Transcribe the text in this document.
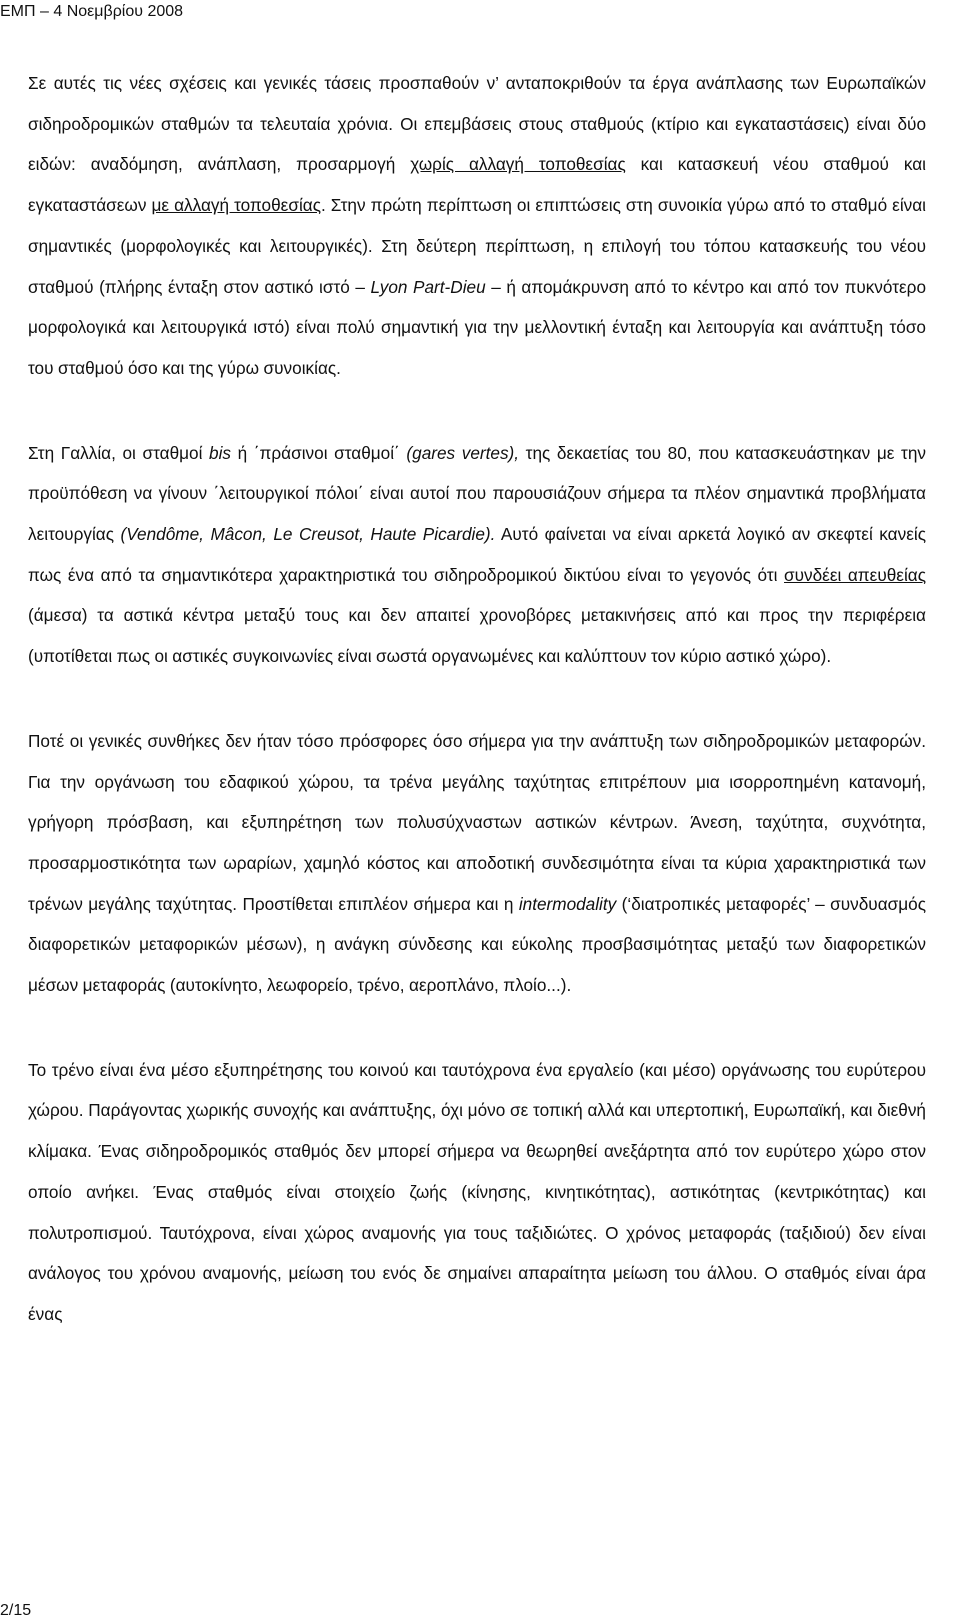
ΕΜΠ – 4 Νοεμβρίου 2008

Σε αυτές τις νέες σχέσεις και γενικές τάσεις προσπαθούν ν’ ανταποκριθούν τα έργα ανάπλασης των Ευρωπαϊκών σιδηροδρομικών σταθμών τα τελευταία χρόνια. Οι επεμβάσεις στους σταθμούς (κτίριο και εγκαταστάσεις) είναι δύο ειδών: αναδόμηση, ανάπλαση, προσαρμογή χωρίς αλλαγή τοποθεσίας και κατασκευή νέου σταθμού και εγκαταστάσεων με αλλαγή τοποθεσίας. Στην πρώτη περίπτωση οι επιπτώσεις στη συνοικία γύρω από το σταθμό είναι σημαντικές (μορφολογικές και λειτουργικές). Στη δεύτερη περίπτωση, η επιλογή του τόπου κατασκευής του νέου σταθμού (πλήρης ένταξη στον αστικό ιστό – Lyon Part-Dieu – ή απομάκρυνση από το κέντρο και από τον πυκνότερο μορφολογικά και λειτουργικά ιστό) είναι πολύ σημαντική για την μελλοντική ένταξη και λειτουργία και ανάπτυξη τόσο του σταθμού όσο και της γύρω συνοικίας.

Στη Γαλλία, οι σταθμοί bis ή ΄πράσινοι σταθμοί΄ (gares vertes), της δεκαετίας του 80, που κατασκευάστηκαν με την προϋπόθεση να γίνουν ΄λειτουργικοί πόλοι΄ είναι αυτοί που παρουσιάζουν σήμερα τα πλέον σημαντικά προβλήματα λειτουργίας (Vendôme, Mâcon, Le Creusot, Haute Picardie). Αυτό φαίνεται να είναι αρκετά λογικό αν σκεφτεί κανείς πως ένα από τα σημαντικότερα χαρακτηριστικά του σιδηροδρομικού δικτύου είναι το γεγονός ότι συνδέει απευθείας (άμεσα) τα αστικά κέντρα μεταξύ τους και δεν απαιτεί χρονοβόρες μετακινήσεις από και προς την περιφέρεια (υποτίθεται πως οι αστικές συγκοινωνίες είναι σωστά οργανωμένες και καλύπτουν τον κύριο αστικό χώρο).

Ποτέ οι γενικές συνθήκες δεν ήταν τόσο πρόσφορες όσο σήμερα για την ανάπτυξη των σιδηροδρομικών μεταφορών. Για την οργάνωση του εδαφικού χώρου, τα τρένα μεγάλης ταχύτητας επιτρέπουν μια ισορροπημένη κατανομή, γρήγορη πρόσβαση, και εξυπηρέτηση των πολυσύχναστων αστικών κέντρων. Άνεση, ταχύτητα, συχνότητα, προσαρμοστικότητα των ωραρίων, χαμηλό κόστος και αποδοτική συνδεσιμότητα είναι τα κύρια χαρακτηριστικά των τρένων μεγάλης ταχύτητας. Προστίθεται επιπλέον σήμερα και η intermodality (‘διατροπικές μεταφορές’ – συνδυασμός διαφορετικών μεταφορικών μέσων), η ανάγκη σύνδεσης και εύκολης προσβασιμότητας μεταξύ των διαφορετικών μέσων μεταφοράς (αυτοκίνητο, λεωφορείο, τρένο, αεροπλάνο, πλοίο...).

Το τρένο είναι ένα μέσο εξυπηρέτησης του κοινού και ταυτόχρονα ένα εργαλείο (και μέσο) οργάνωσης του ευρύτερου χώρου. Παράγοντας χωρικής συνοχής και ανάπτυξης, όχι μόνο σε τοπική αλλά και υπερτοπική, Ευρωπαϊκή, και διεθνή κλίμακα. Ένας σιδηροδρομικός σταθμός δεν μπορεί σήμερα να θεωρηθεί ανεξάρτητα από τον ευρύτερο χώρο στον οποίο ανήκει. Ένας σταθμός είναι στοιχείο ζωής (κίνησης, κινητικότητας), αστικότητας (κεντρικότητας) και πολυτροπισμού. Ταυτόχρονα, είναι χώρος αναμονής για τους ταξιδιώτες. Ο χρόνος μεταφοράς (ταξιδιού) δεν είναι ανάλογος του χρόνου αναμονής, μείωση του ενός δε σημαίνει απαραίτητα μείωση του άλλου. Ο σταθμός είναι άρα ένας

2/15
